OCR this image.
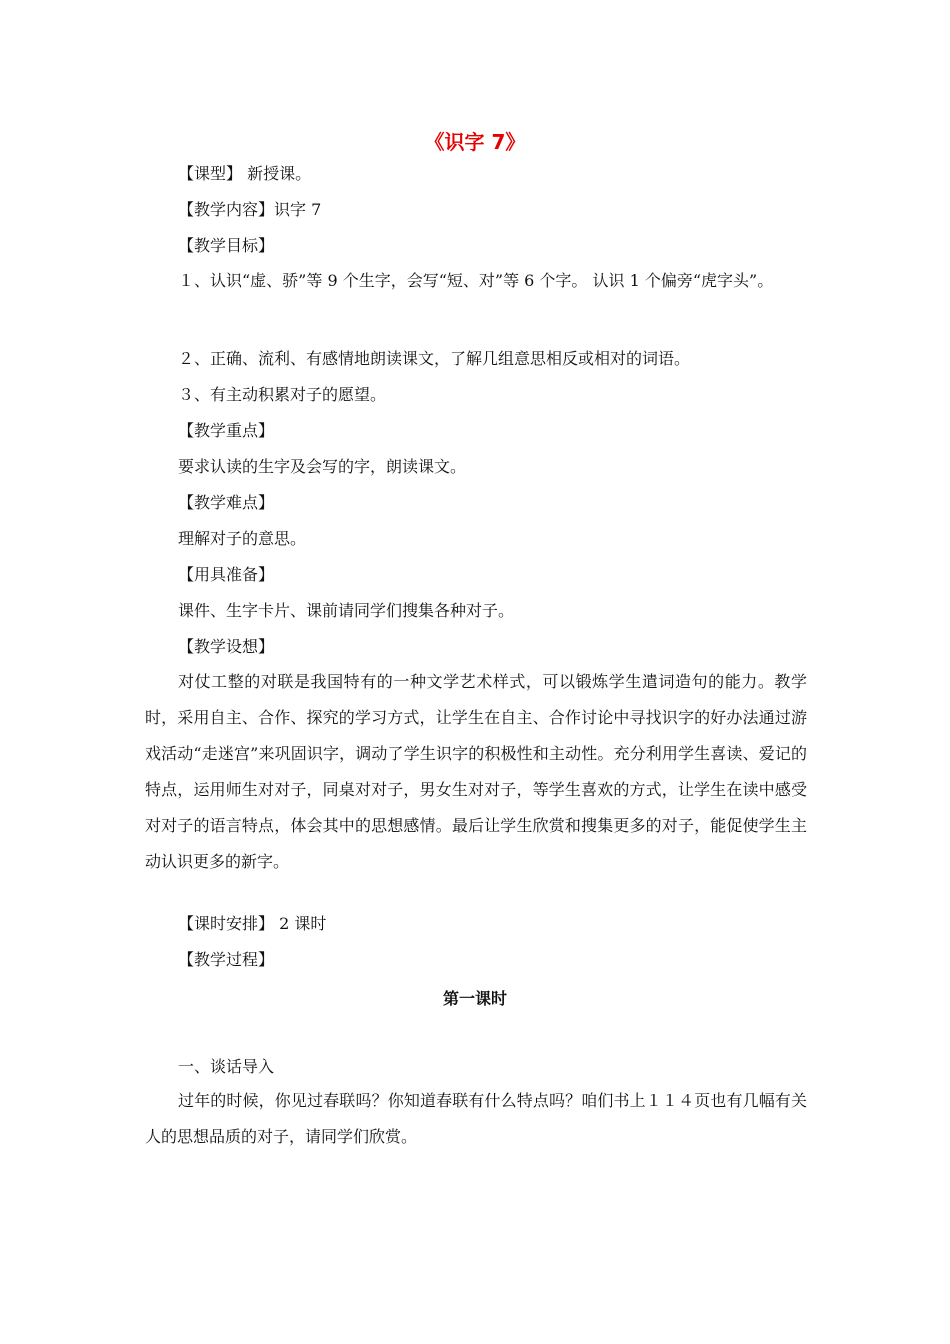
《识字 7》
【课型】 新授课。
【教学内容】识字 7
【教学目标】
１、认识“虚、骄”等 9 个生字，会写“短、对”等 6 个字。 认识 1 个偏旁“虎字头”。
２、正确、流利、有感情地朗读课文，了解几组意思相反或相对的词语。
３、有主动积累对子的愿望。
【教学重点】
要求认读的生字及会写的字，朗读课文。
【教学难点】
理解对子的意思。
【用具准备】
课件、生字卡片、课前请同学们搜集各种对子。
【教学设想】
对仗工整的对联是我国特有的一种文学艺术样式，可以锻炼学生遣词造句的能力。教学时，采用自主、合作、探究的学习方式，让学生在自主、合作讨论中寻找识字的好办法通过游戏活动“走迷宫”来巩固识字，调动了学生识字的积极性和主动性。充分利用学生喜读、爱记的特点，运用师生对对子，同桌对对子，男女生对对子，等学生喜欢的方式，让学生在读中感受对对子的语言特点，体会其中的思想感情。最后让学生欣赏和搜集更多的对子，能促使学生主动认识更多的新字。
【课时安排】 2 课时
【教学过程】
第一课时
一、谈话导入
过年的时候，你见过春联吗？你知道春联有什么特点吗？咱们书上１１４页也有几幅有关人的思想品质的对子，请同学们欣赏。
